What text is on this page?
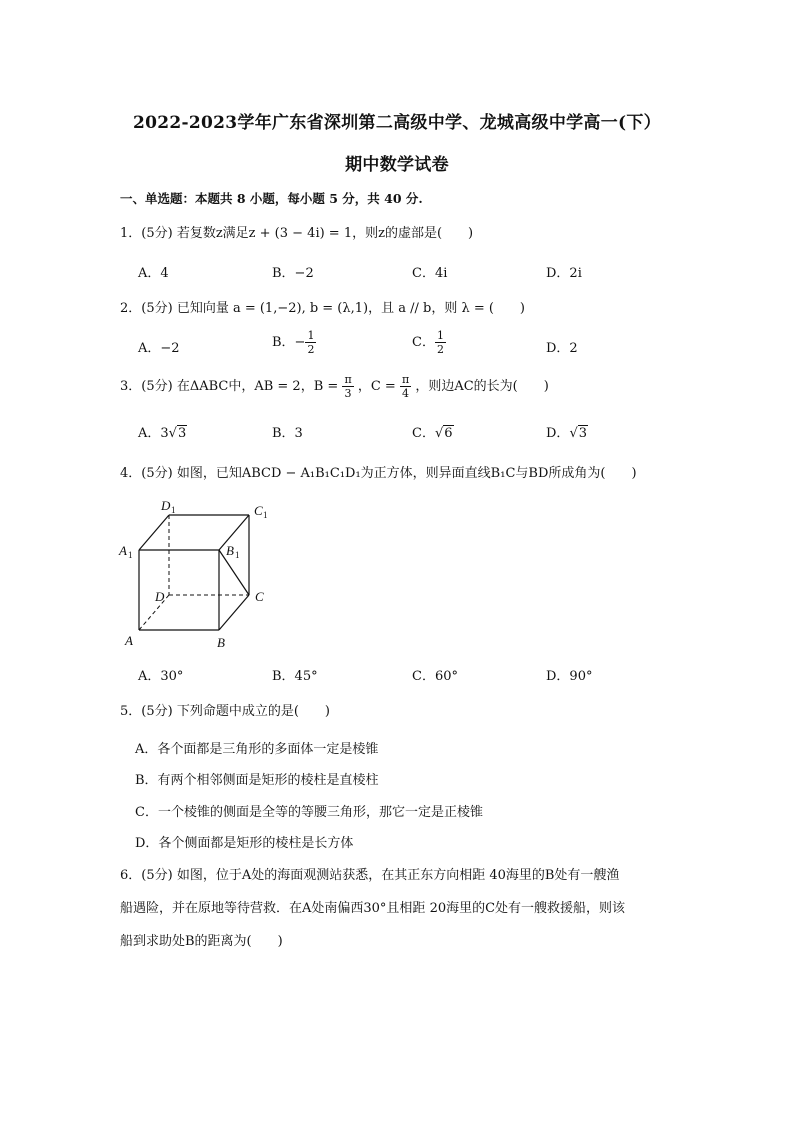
2022-2023学年广东省深圳第二高级中学、龙城高级中学高一(下）
期中数学试卷
一、单选题：本题共 8 小题，每小题 5 分，共 40 分.
1．(5分) 若复数z满足z + (3 − 4i) = 1，则z的虚部是(　　)
A．4	B．−2	C．4i	D．2i
2．(5分) 已知向量 a = (1,−2), b = (λ,1)，且 a // b，则 λ = (　　)
A．−2	B．− $\frac{1}{2}$	C． $\frac{1}{2}$	D．2
3．(5分) 在ΔABC中，AB = 2，$B = \frac{\pi}{3}$ ，$C = \frac{\pi}{4}$ ，则边AC的长为(　　)
A．3√3	B．3	C．√6	D．√3
4．(5分) 如图，已知ABCD − A₁B₁C₁D₁为正方体，则异面直线B₁C与BD所成角为(　　)
A	B
C
D
A 1	B 1
C 1
D 1
A．30°	B．45°	C．60°	D．90°
5．(5分) 下列命题中成立的是(　　)
A．各个面都是三角形的多面体一定是棱锥
B．有两个相邻侧面是矩形的棱柱是直棱柱
C．一个棱锥的侧面是全等的等腰三角形，那它一定是正棱锥
D．各个侧面都是矩形的棱柱是长方体
6．(5分) 如图，位于A处的海面观测站获悉，在其正东方向相距 40海里的B处有一艘渔
船遇险，并在原地等待营救．在A处南偏西30°且相距 20海里的C处有一艘救援船，则该
船到求助处B的距离为(　　)
